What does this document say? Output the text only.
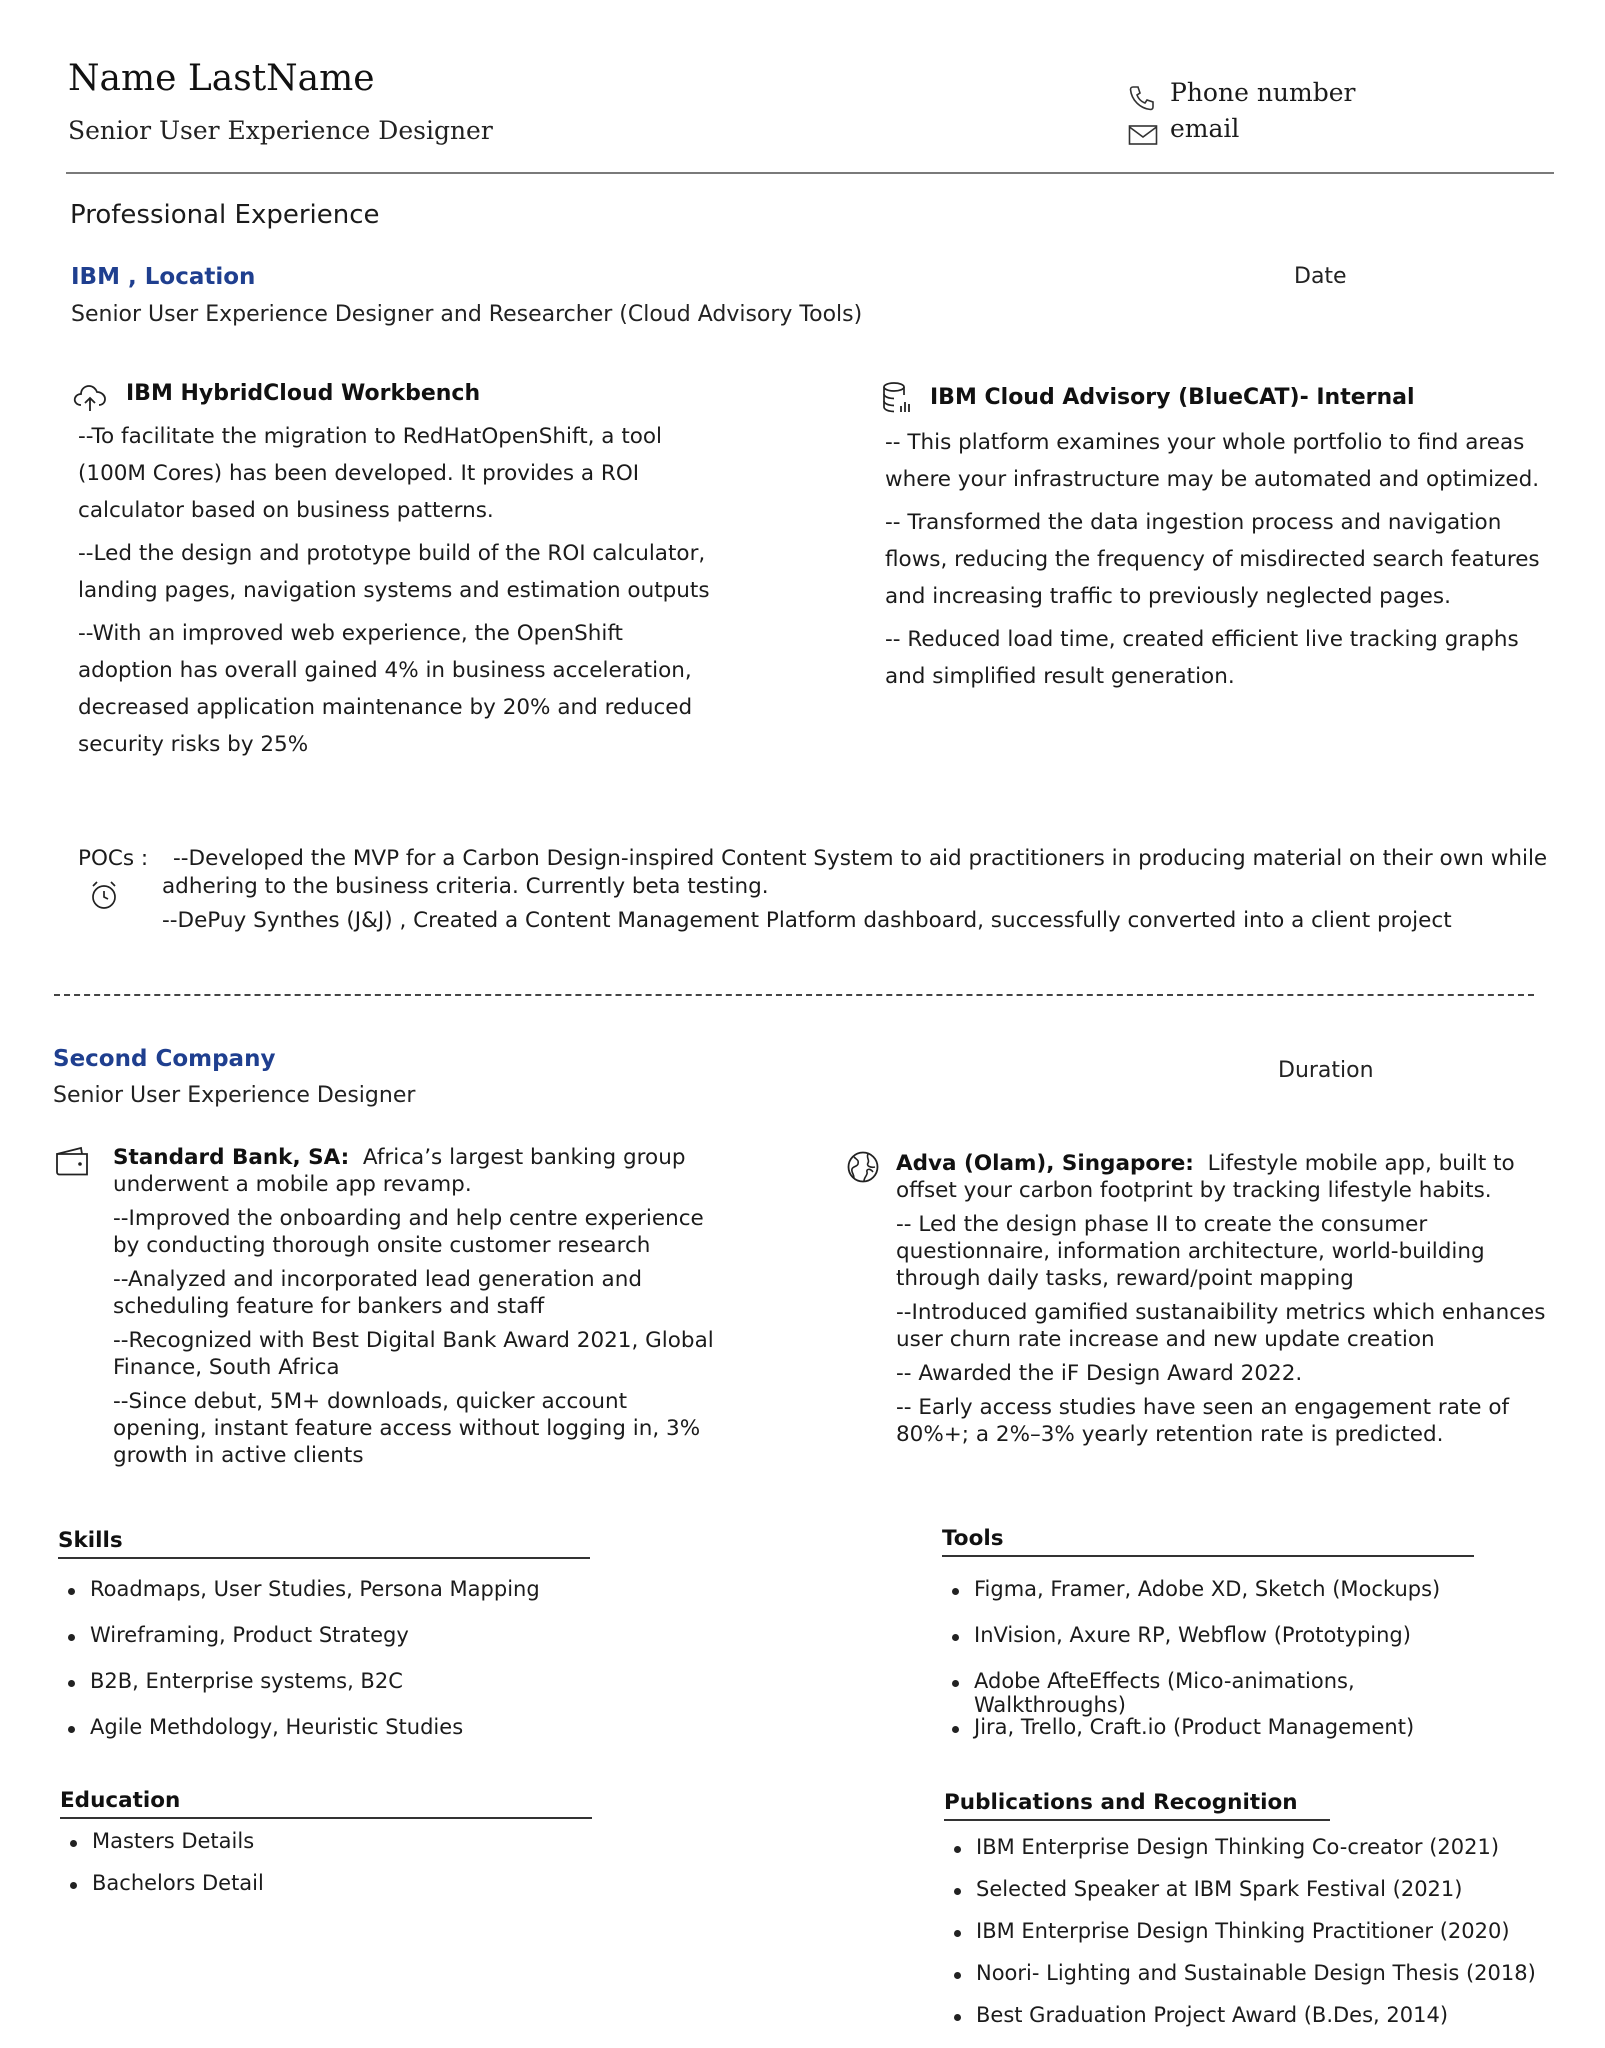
Name LastName
Senior User Experience Designer
Phone number
email
Professional Experience
IBM , Location	Date
Senior User Experience Designer and Researcher (Cloud Advisory Tools)
IBM HybridCloud Workbench

--To facilitate the migration to RedHatOpenShift, a tool (100M Cores) has been developed. It provides a ROI calculator based on business patterns.

--Led the design and prototype build of the ROI calculator, landing pages, navigation systems and estimation outputs

--With an improved web experience, the OpenShift adoption has overall gained 4% in business acceleration, decreased application maintenance by 20% and reduced security risks by 25%

IBM Cloud Advisory (BlueCAT)- Internal

-- This platform examines your whole portfolio to find areas where your infrastructure may be automated and optimized.

-- Transformed the data ingestion process and navigation flows, reducing the frequency of misdirected search features and increasing traffic to previously neglected pages.

-- Reduced load time, created efficient live tracking graphs and simplified result generation.

POCs : --Developed the MVP for a Carbon Design-inspired Content System to aid practitioners in producing material on their own while
adhering to the business criteria. Currently beta testing.
--DePuy Synthes (J&J) , Created a Content Management Platform dashboard, successfully converted into a client project
Second Company	Duration
Senior User Experience Designer

Standard Bank, SA: Africa’s largest banking group underwent a mobile app revamp.

--Improved the onboarding and help centre experience by conducting thorough onsite customer research

--Analyzed and incorporated lead generation and scheduling feature for bankers and staff

--Recognized with Best Digital Bank Award 2021, Global Finance, South Africa

--Since debut, 5M+ downloads, quicker account opening, instant feature access without logging in, 3% growth in active clients

Adva (Olam), Singapore: Lifestyle mobile app, built to offset your carbon footprint by tracking lifestyle habits.

-- Led the design phase II to create the consumer questionnaire, information architecture, world-building through daily tasks, reward/point mapping

--Introduced gamified sustanaibility metrics which enhances user churn rate increase and new update creation

-- Awarded the iF Design Award 2022.

-- Early access studies have seen an engagement rate of 80%+; a 2%–3% yearly retention rate is predicted.

Skills
Roadmaps, User Studies, Persona Mapping
Wireframing, Product Strategy
B2B, Enterprise systems, B2C
Agile Methdology, Heuristic Studies
Tools
Figma, Framer, Adobe XD, Sketch (Mockups)
InVision, Axure RP, Webflow (Prototyping)
Adobe AfteEffects (Mico-animations, Walkthroughs)
Jira, Trello, Craft.io (Product Management)
Education
Masters Details
Bachelors Detail
Publications and Recognition
IBM Enterprise Design Thinking Co-creator (2021)
Selected Speaker at IBM Spark Festival (2021)
IBM Enterprise Design Thinking Practitioner (2020)
Noori- Lighting and Sustainable Design Thesis (2018)
Best Graduation Project Award (B.Des, 2014)
